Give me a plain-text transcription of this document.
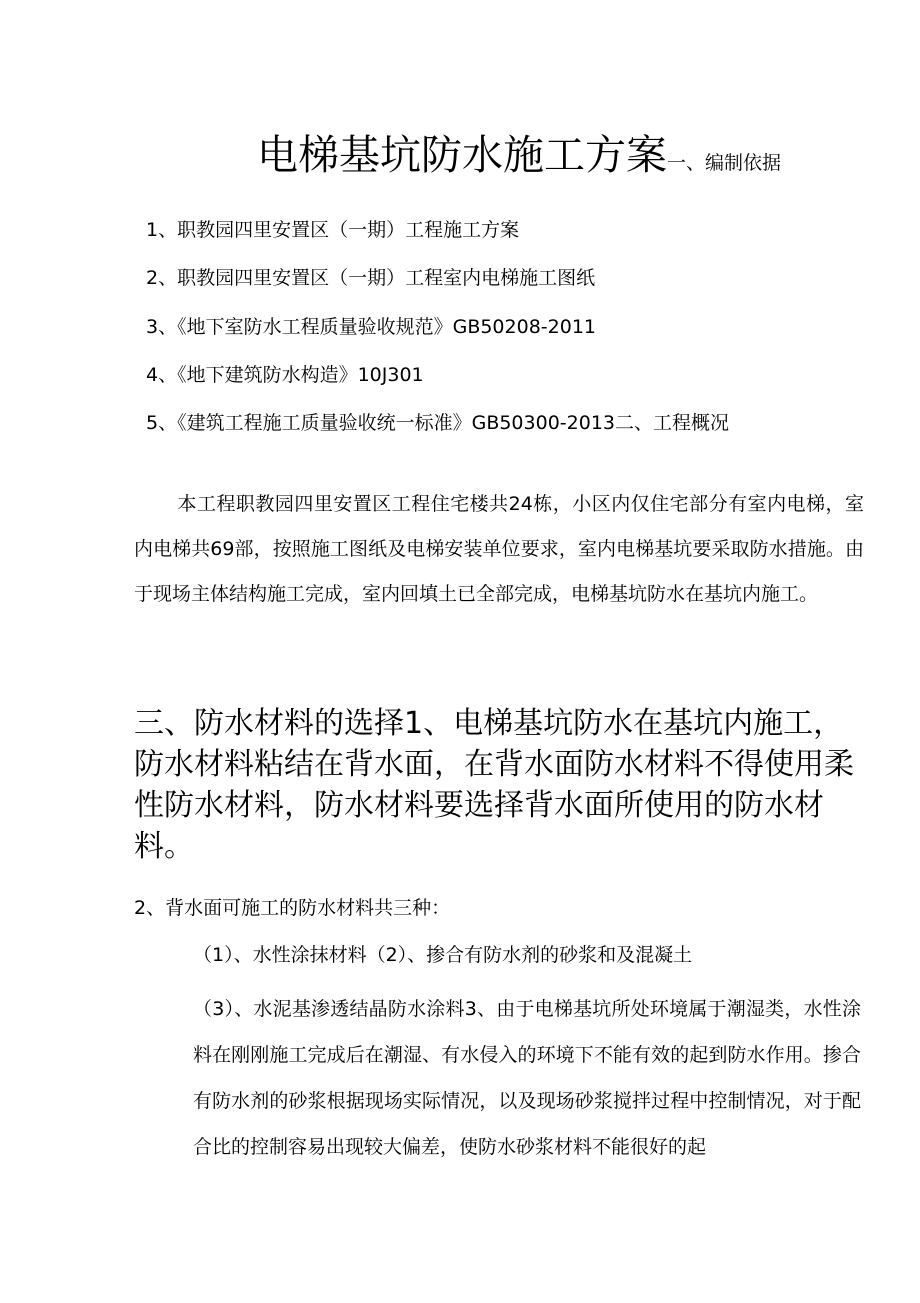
电梯基坑防水施工方案一、编制依据
1、职教园四里安置区（一期）工程施工方案
2、职教园四里安置区（一期）工程室内电梯施工图纸
3、《地下室防水工程质量验收规范》GB50208-2011
4、《地下建筑防水构造》10J301
5、《建筑工程施工质量验收统一标准》GB50300-2013二、工程概况
本工程职教园四里安置区工程住宅楼共24栋，小区内仅住宅部分有室内电梯，室内电梯共69部，按照施工图纸及电梯安装单位要求，室内电梯基坑要采取防水措施。由于现场主体结构施工完成，室内回填土已全部完成，电梯基坑防水在基坑内施工。
三、防水材料的选择1、电梯基坑防水在基坑内施工，防水材料粘结在背水面，在背水面防水材料不得使用柔性防水材料，防水材料要选择背水面所使用的防水材料。
2、背水面可施工的防水材料共三种：
（1）、水性涂抹材料（2）、掺合有防水剂的砂浆和及混凝土
（3）、水泥基渗透结晶防水涂料3、由于电梯基坑所处环境属于潮湿类，水性涂料在刚刚施工完成后在潮湿、有水侵入的环境下不能有效的起到防水作用。掺合有防水剂的砂浆根据现场实际情况，以及现场砂浆搅拌过程中控制情况，对于配合比的控制容易出现较大偏差，使防水砂浆材料不能很好的起
